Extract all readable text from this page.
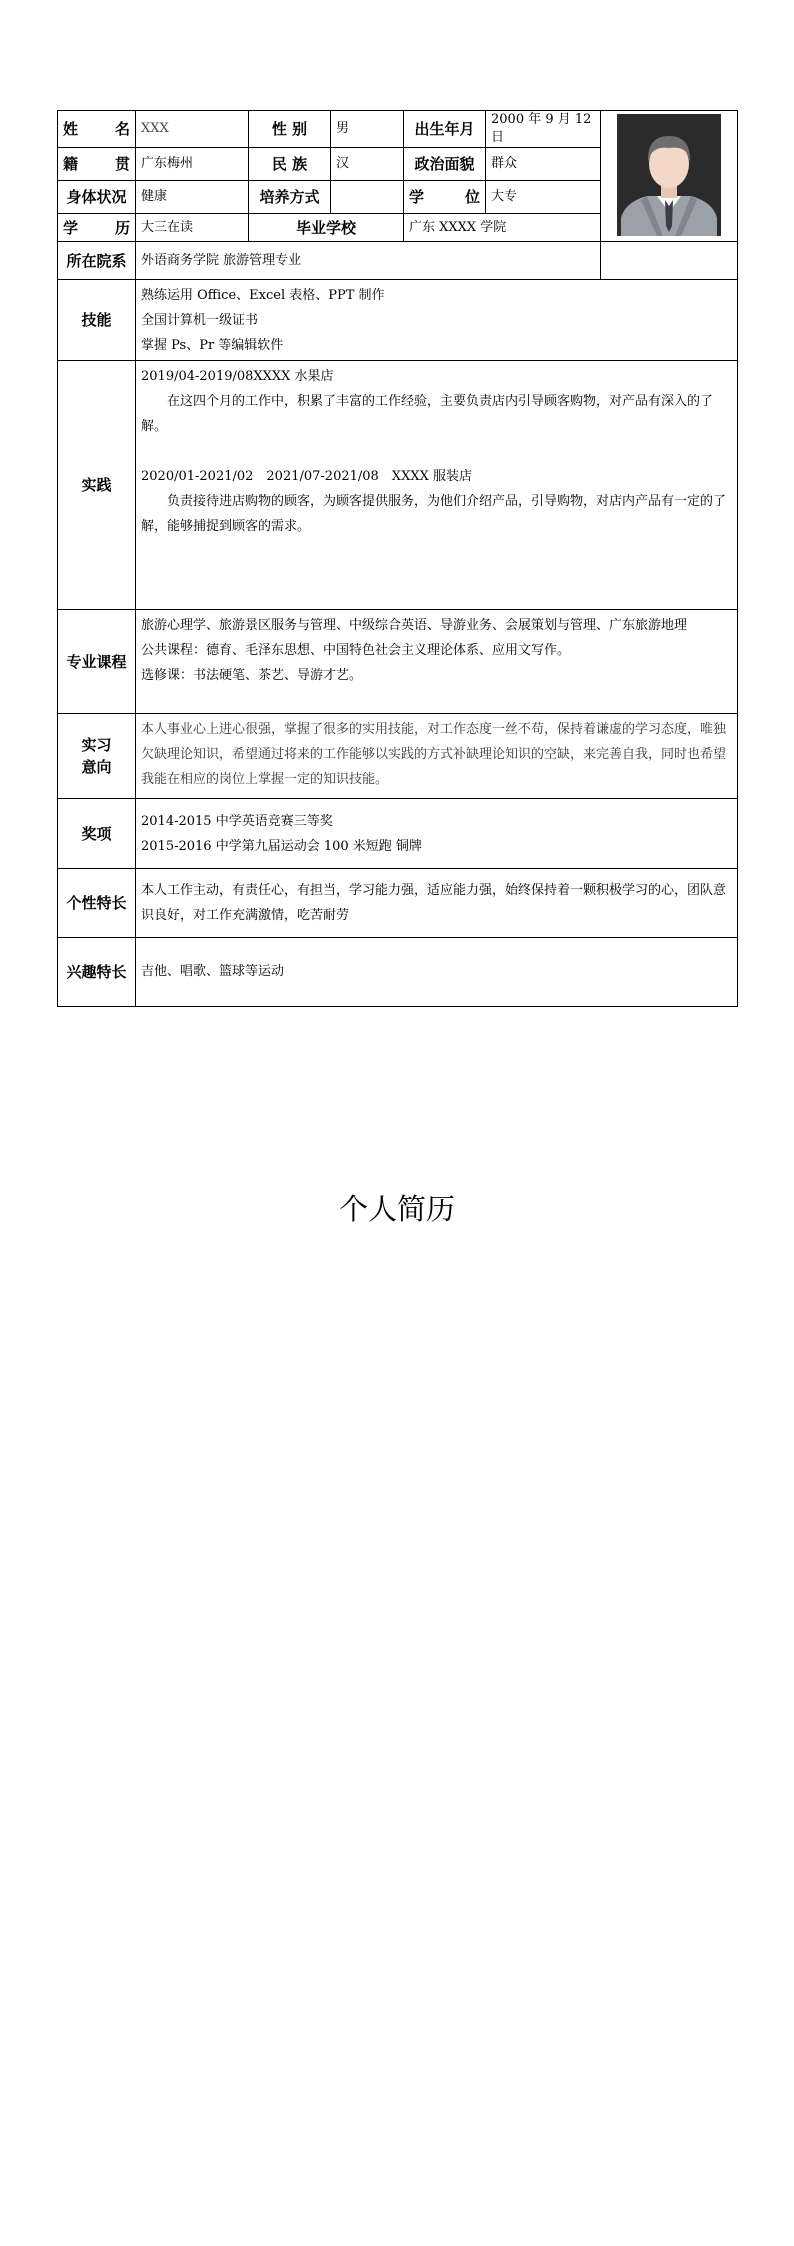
姓　名	XXX	性 别	男	出生年月	2000 年 9 月 12日	

籍　贯	广东梅州	民 族	汉	政治面貌	群众	
身体状况	健康	培养方式		学　位	大专	
学　历	大三在读	毕业学校		广东 XXXX 学院		
所在院系	外语商务学院 旅游管理专业					
技能	熟练运用 Office、Excel 表格、PPT 制作
全国计算机一级证书
掌握 Ps、Pr 等编辑软件					

实践	2019/04-2019/08XXXX 水果店
在这四个月的工作中，积累了丰富的工作经验，主要负责店内引导顾客购物，对产品有深入的了解。
2020/01-2021/02　2021/07-2021/08　XXXX 服装店
负责接待进店购物的顾客，为顾客提供服务，为他们介绍产品，引导购物，对店内产品有一定的了解，能够捕捉到顾客的需求。					

专业课程	旅游心理学、旅游景区服务与管理、中级综合英语、导游业务、会展策划与管理、广东旅游地理
公共课程：德育、毛泽东思想、中国特色社会主义理论体系、应用文写作。
选修课：书法硬笔、茶艺、导游才艺。					

实习
意向	本人事业心上进心很强，掌握了很多的实用技能，对工作态度一丝不苟，保持着谦虚的学习态度，唯独欠缺理论知识，希望通过将来的工作能够以实践的方式补缺理论知识的空缺，来完善自我，同时也希望我能在相应的岗位上掌握一定的知识技能。					
奖项	2014-2015 中学英语竞赛三等奖
2015-2016 中学第九届运动会 100 米短跑 铜牌					

个性特长	本人工作主动，有责任心，有担当，学习能力强，适应能力强，始终保持着一颗积极学习的心，团队意识良好，对工作充满激情，吃苦耐劳					
兴趣特长	吉他、唱歌、篮球等运动					
个人简历
